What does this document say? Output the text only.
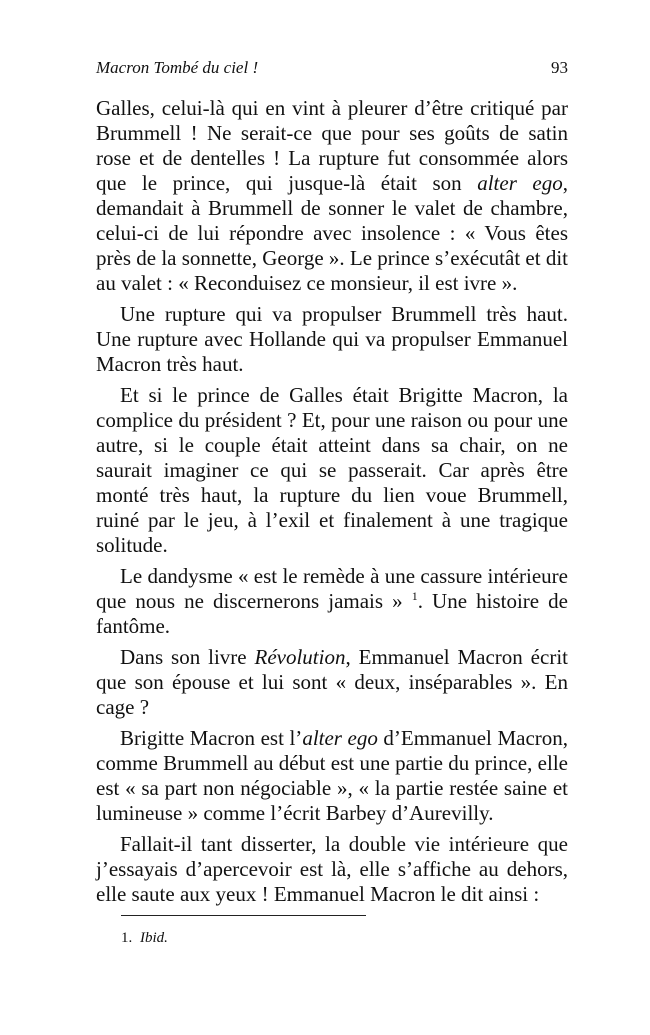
Macron Tombé du ciel !	93

Galles, celui-là qui en vint à pleurer d’être critiqué par Brummell ! Ne serait-ce que pour ses goûts de satin rose et de dentelles ! La rupture fut consommée alors que le prince, qui jusque-là était son alter ego, demandait à Brummell de sonner le valet de chambre, celui-ci de lui répondre avec insolence : « Vous êtes près de la sonnette, George ». Le prince s’exécutât et dit au valet : « Reconduisez ce monsieur, il est ivre ».

Une rupture qui va propulser Brummell très haut. Une rupture avec Hollande qui va propulser Emmanuel Macron très haut.

Et si le prince de Galles était Brigitte Macron, la complice du président ? Et, pour une raison ou pour une autre, si le couple était atteint dans sa chair, on ne saurait imaginer ce qui se passerait. Car après être monté très haut, la rupture du lien voue Brummell, ruiné par le jeu, à l’exil et finalement à une tragique solitude.

Le dandysme « est le remède à une cassure intérieure que nous ne discernerons jamais » $^1$. Une histoire de fantôme.

Dans son livre Révolution, Emmanuel Macron écrit que son épouse et lui sont « deux, inséparables ». En cage ?

Brigitte Macron est l’alter ego d’Emmanuel Macron, comme Brummell au début est une partie du prince, elle est « sa part non négociable », « la partie restée saine et lumineuse » comme l’écrit Barbey d’Aurevilly.

Fallait-il tant disserter, la double vie intérieure que j’essayais d’apercevoir est là, elle s’affiche au dehors, elle saute aux yeux ! Emmanuel Macron le dit ainsi :

1. Ibid.
